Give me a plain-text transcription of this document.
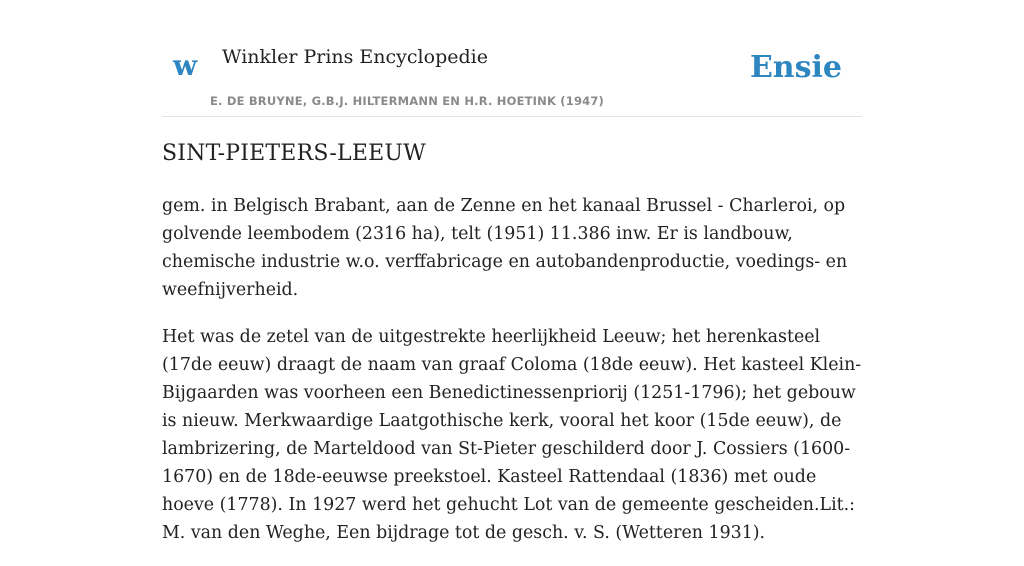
w Winkler Prins Encyclopedie
E. DE BRUYNE, G.B.J. HILTERMANN EN H.R. HOETINK (1947)
Ensie
SINT-PIETERS-LEEUW

gem. in Belgisch Brabant, aan de Zenne en het kanaal Brussel - Charleroi, op golvende leembodem (2316 ha), telt (1951) 11.386 inw. Er is landbouw, chemische industrie w.o. verffabricage en autobandenproductie, voedings- en weefnijverheid.

Het was de zetel van de uitgestrekte heerlijkheid Leeuw; het herenkasteel (17de eeuw) draagt de naam van graaf Coloma (18de eeuw). Het kasteel Klein-Bijgaarden was voorheen een Benedictinessenpriorij (1251-1796); het gebouw is nieuw. Merkwaardige Laatgothische kerk, vooral het koor (15de eeuw), de lambrizering, de Marteldood van St-Pieter geschilderd door J. Cossiers (1600-1670) en de 18de-eeuwse preekstoel. Kasteel Rattendaal (1836) met oude hoeve (1778). In 1927 werd het gehucht Lot van de gemeente gescheiden.Lit.: M. van den Weghe, Een bijdrage tot de gesch. v. S. (Wetteren 1931).
